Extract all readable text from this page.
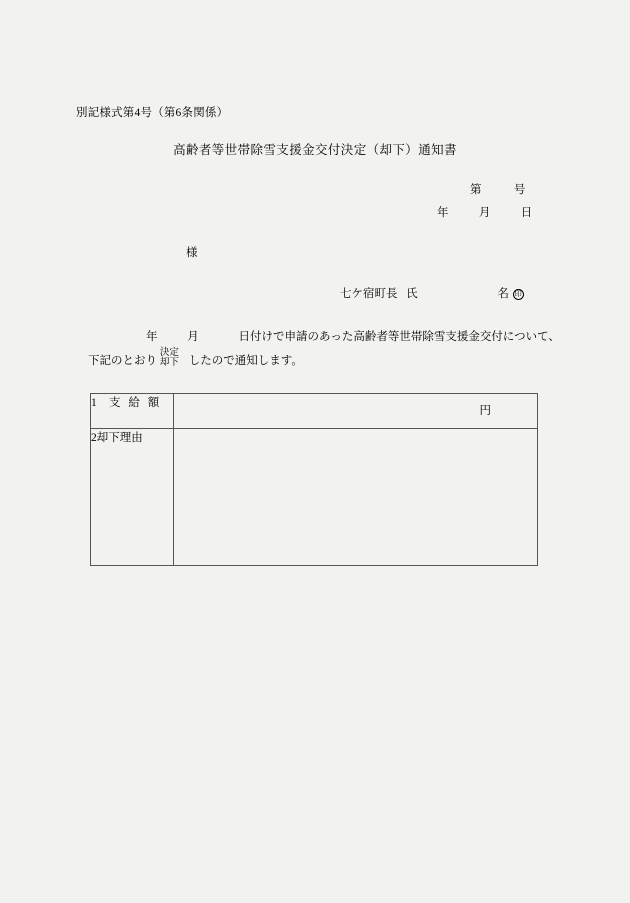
別記様式第4号（第6条関係）
高齢者等世帯除雪支援金交付決定（却下）通知書
第	号
年	月	日
様
七ケ宿町長 氏	名 印
年	月	日付けで申請のあった高齢者等世帯除雪支援金交付について、
下記のとおり
決定
却下 したので通知します。
1 支 給 額	円

2却下理由	
